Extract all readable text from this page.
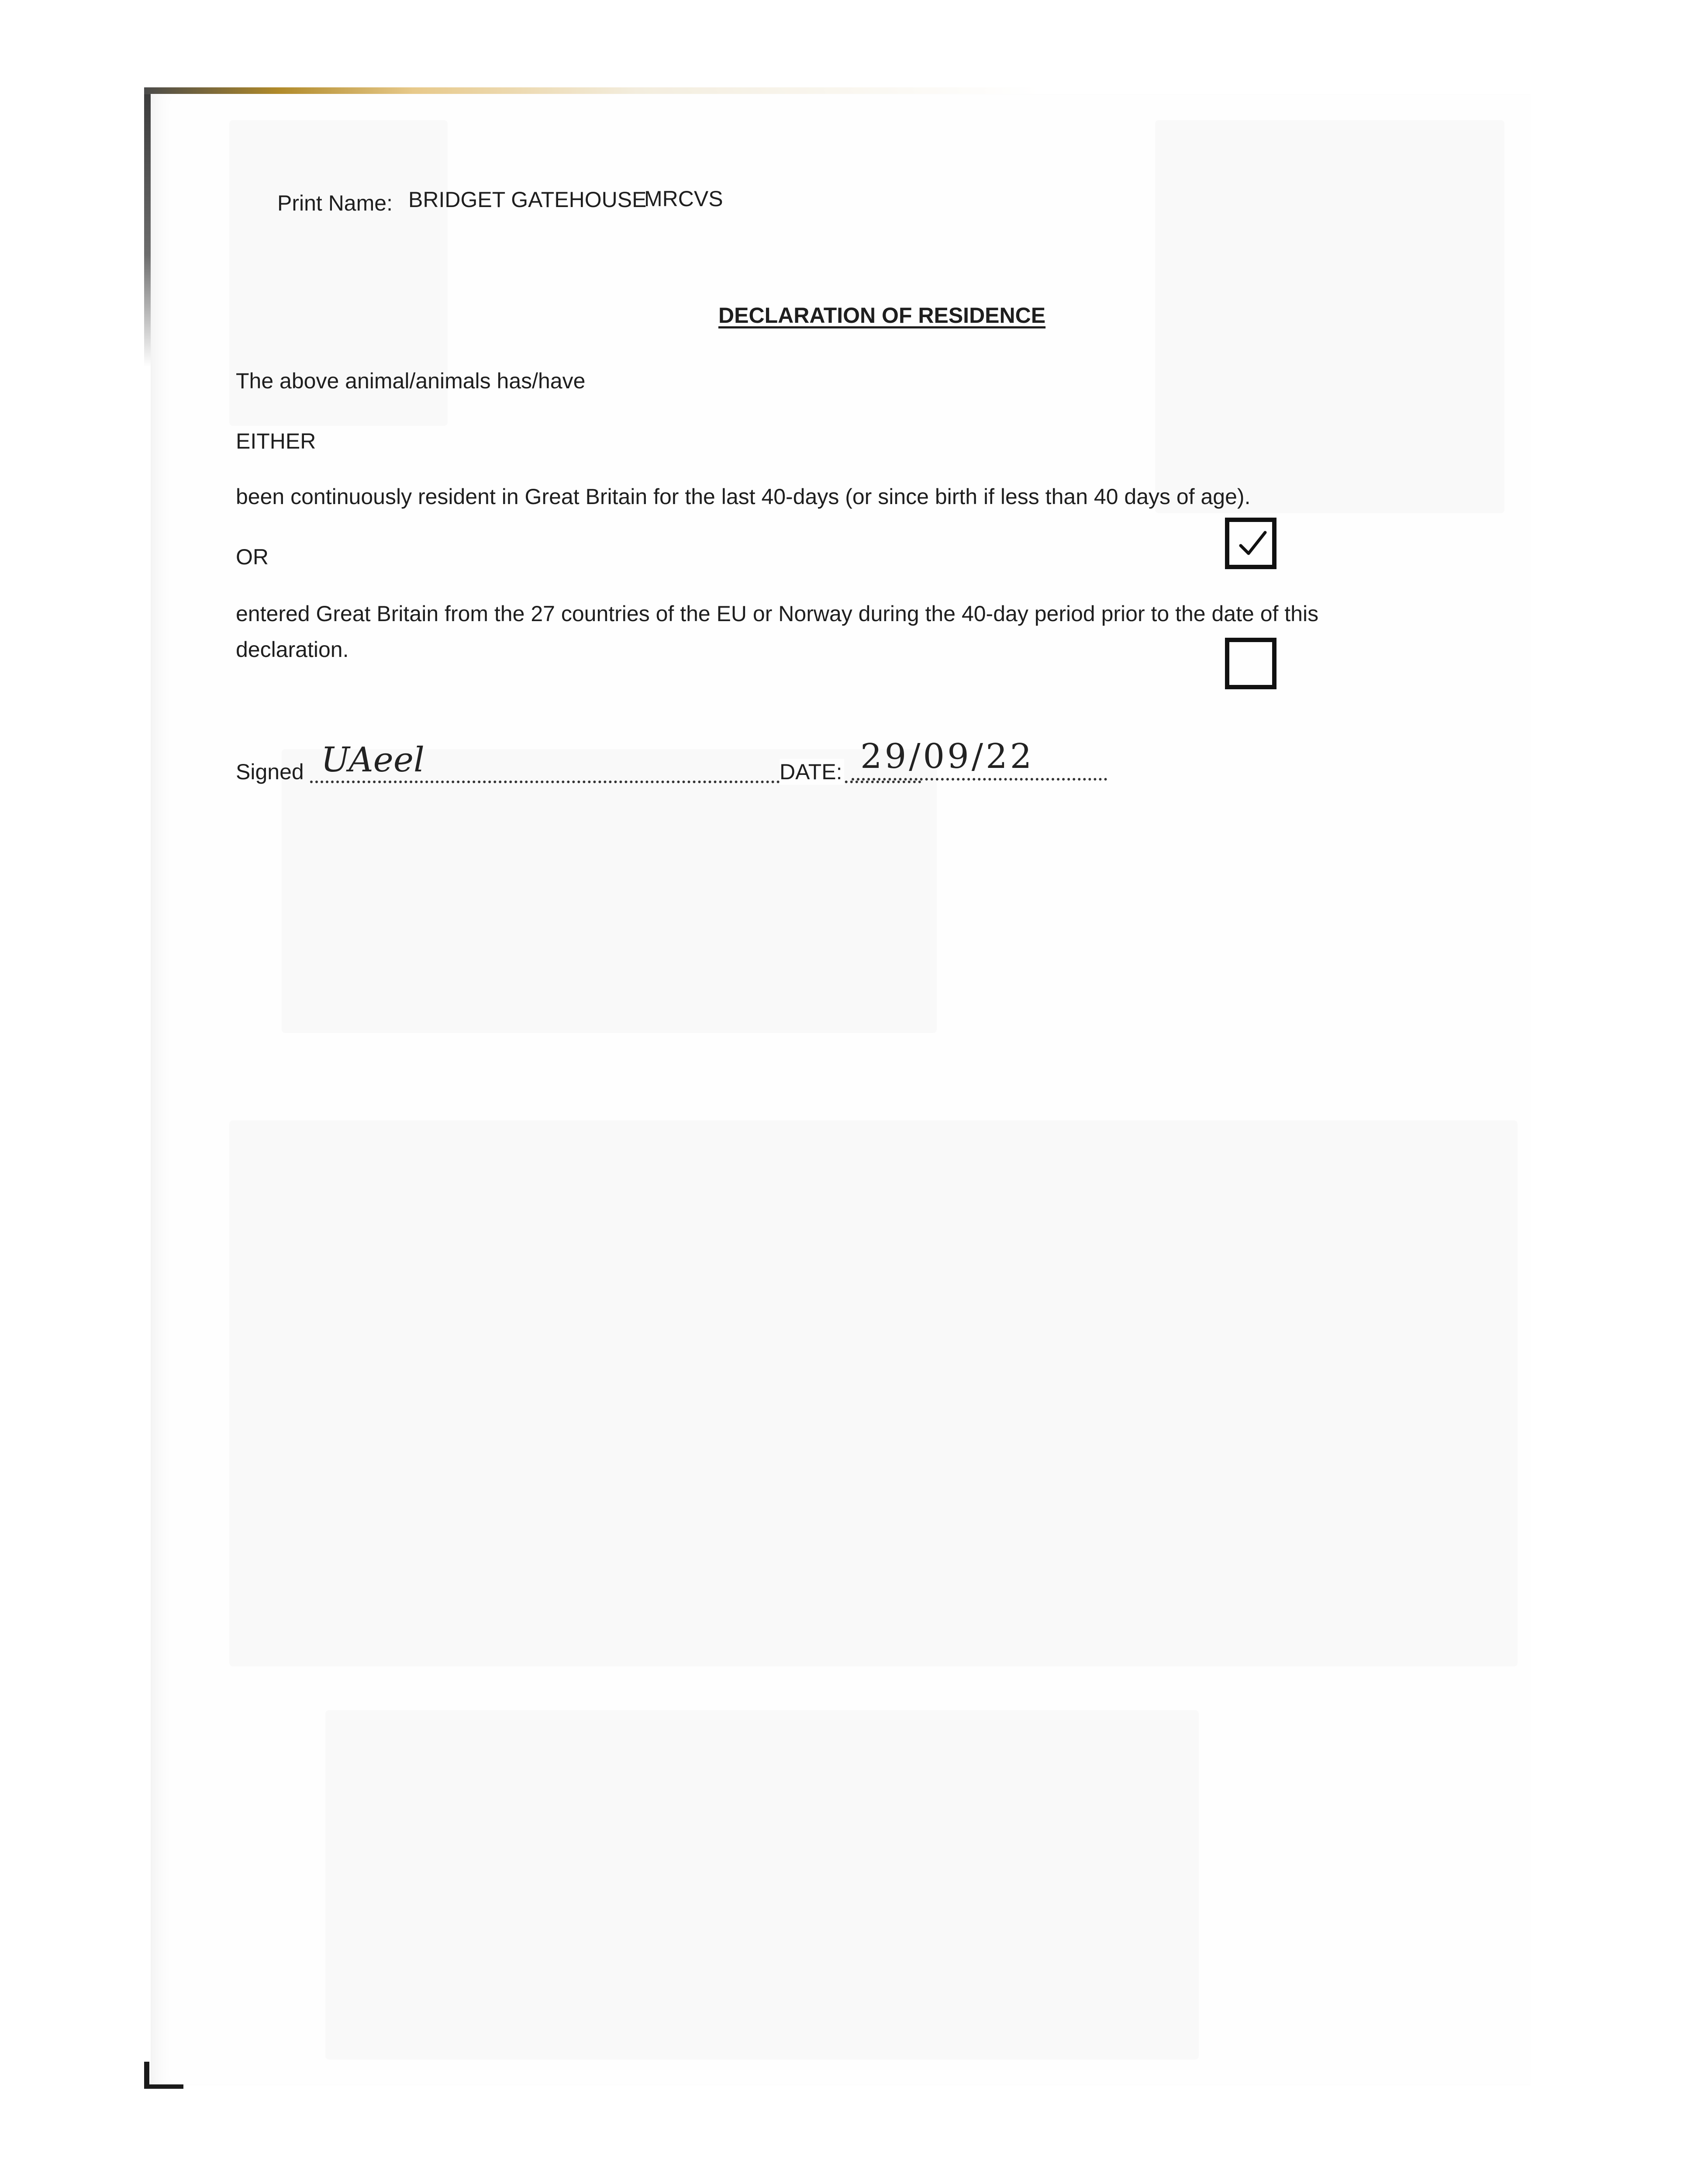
Print Name: BRIDGET GATEHOUSE
MRCVS
DECLARATION OF RESIDENCE
The above animal/animals has/have
EITHER
been continuously resident in Great Britain for the last 40-days (or since birth if less than 40 days of age).
OR
entered Great Britain from the 27 countries of the EU or Norway during the 40-day period prior to the date of this
declaration.
Signed UAeel	DATE: 29/09/22
